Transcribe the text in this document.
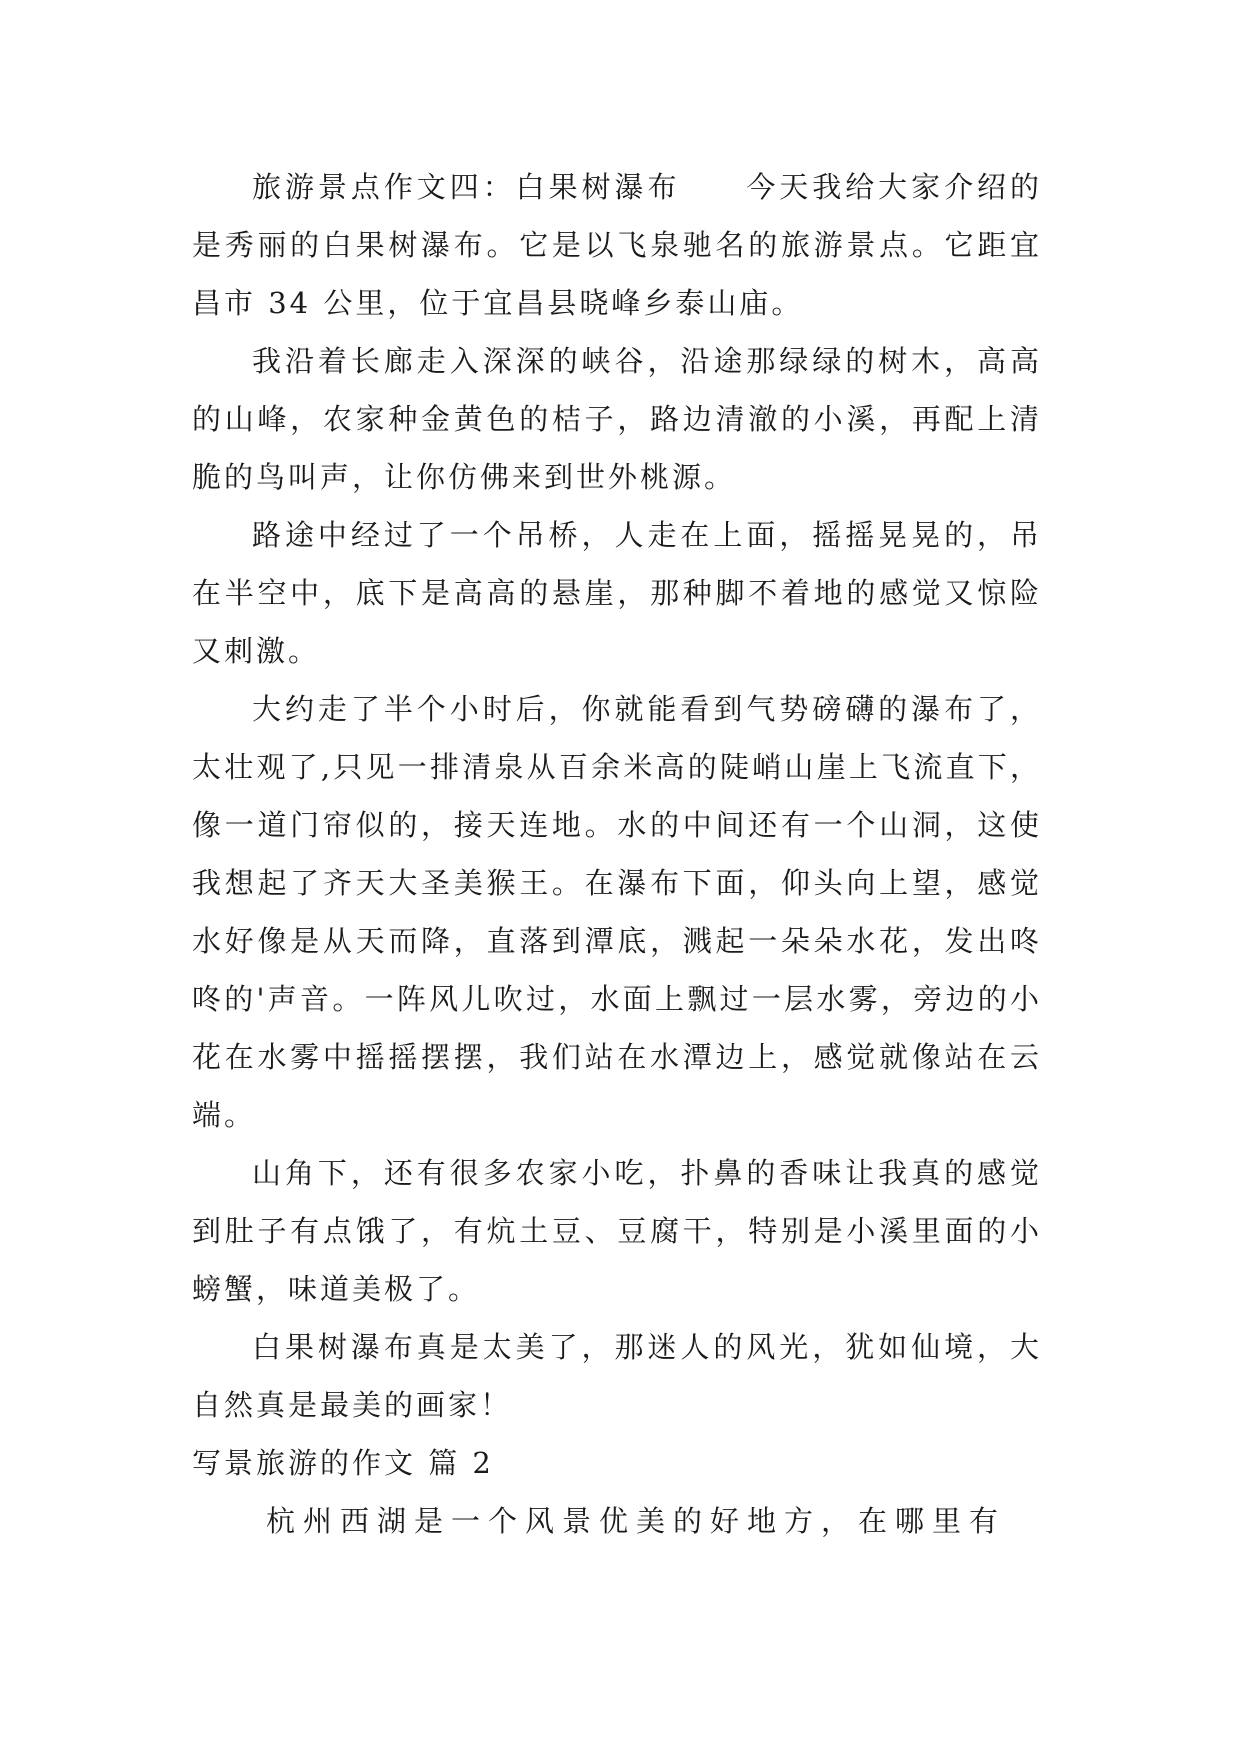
旅游景点作文四：白果树瀑布　　今天我给大家介绍的是秀丽的白果树瀑布。它是以飞泉驰名的旅游景点。它距宜昌市 34 公里，位于宜昌县晓峰乡泰山庙。

我沿着长廊走入深深的峡谷，沿途那绿绿的树木，高高的山峰，农家种金黄色的桔子，路边清澈的小溪，再配上清脆的鸟叫声，让你仿佛来到世外桃源。

路途中经过了一个吊桥，人走在上面，摇摇晃晃的，吊在半空中，底下是高高的悬崖，那种脚不着地的感觉又惊险又刺激。

大约走了半个小时后，你就能看到气势磅礴的瀑布了，太壮观了,只见一排清泉从百余米高的陡峭山崖上飞流直下，像一道门帘似的，接天连地。水的中间还有一个山洞，这使我想起了齐天大圣美猴王。在瀑布下面，仰头向上望，感觉水好像是从天而降，直落到潭底，溅起一朵朵水花，发出咚咚的'声音。一阵风儿吹过，水面上飘过一层水雾，旁边的小花在水雾中摇摇摆摆，我们站在水潭边上，感觉就像站在云端。

山角下，还有很多农家小吃，扑鼻的香味让我真的感觉到肚子有点饿了，有炕土豆、豆腐干，特别是小溪里面的小螃蟹，味道美极了。

白果树瀑布真是太美了，那迷人的风光，犹如仙境，大自然真是最美的画家！

写景旅游的作文 篇 2

杭州西湖是一个风景优美的好地方，在哪里有
